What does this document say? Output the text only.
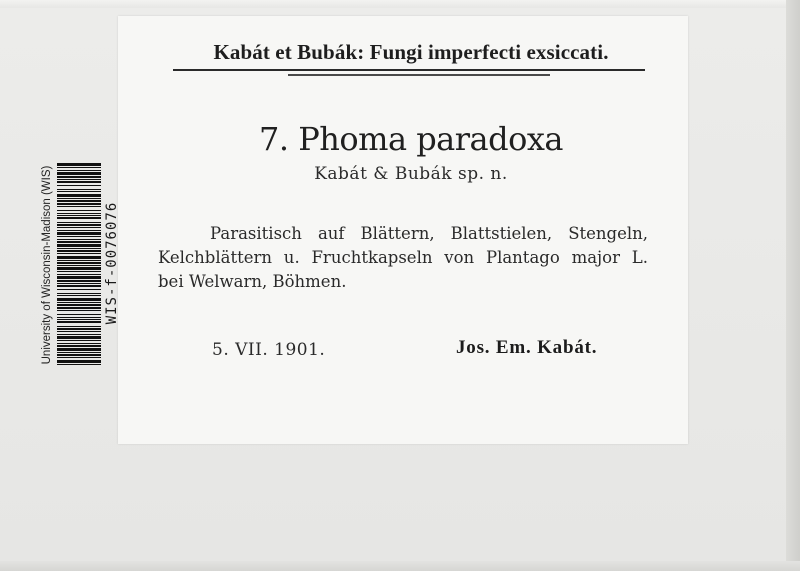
Kabát et Bubák: Fungi imperfecti exsiccati.
7. Phoma paradoxa
Kabát & Bubák sp. n.
Parasitisch auf Blättern, Blattstielen, Stengeln,
Kelchblättern u. Fruchtkapseln von Plantago major L.
bei Welwarn, Böhmen.
5. VII. 1901.	Jos. Em. Kabát.
University of Wisconsin-Madison (WIS)	WIS-f-0076076
